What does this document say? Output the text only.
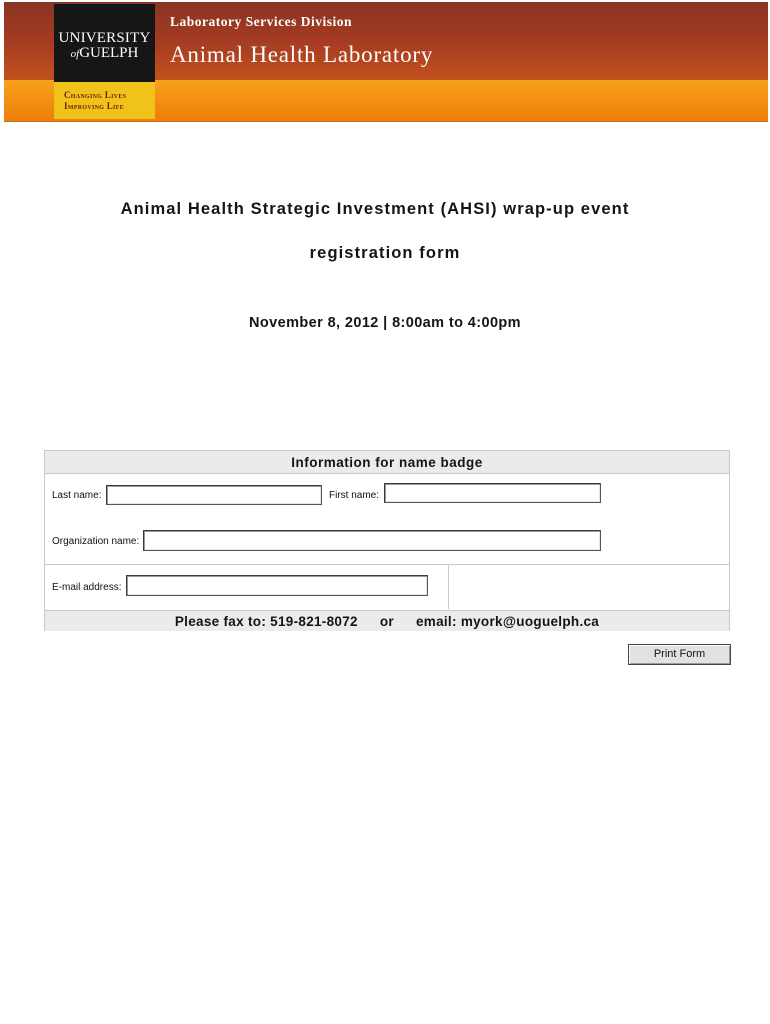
UNIVERSITY
ofGUELPH
Changing Lives
Improving Life
Laboratory Services Division
Animal Health Laboratory
Animal Health Strategic Investment (AHSI) wrap-up event
registration form
November 8, 2012 | 8:00am to 4:00pm
Information for name badge
Last name:	First name:
Organization name:
E-mail address:
Please fax to: 519-821-8072 or email: myork@uoguelph.ca
Print Form
